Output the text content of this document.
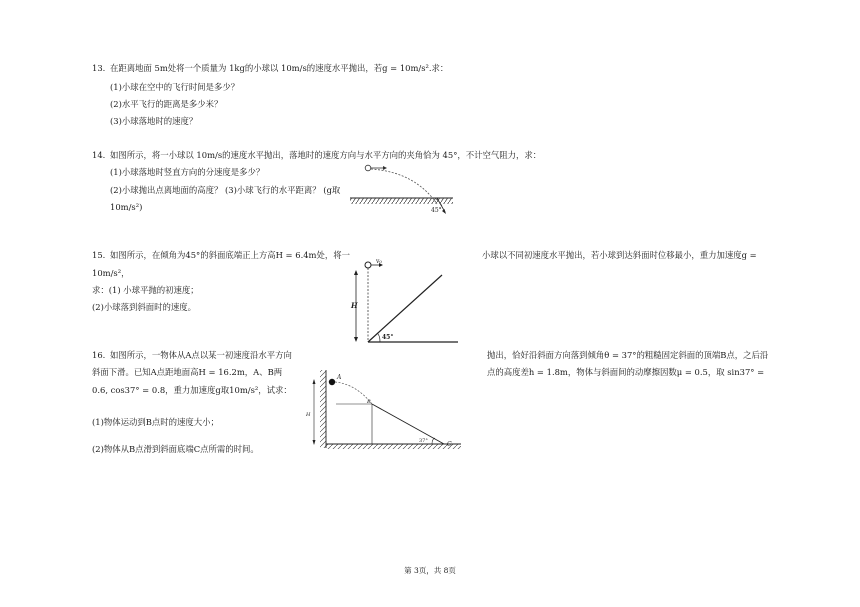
13. 在距离地面 5m处将一个质量为 1kg的小球以 10m/s的速度水平抛出，若g = 10m/s².求：
(1)小球在空中的飞行时间是多少？
(2)水平飞行的距离是多少米？
(3)小球落地时的速度？
14. 如图所示，将一小球以 10m/s的速度水平抛出，落地时的速度方向与水平方向的夹角恰为 45°，不计空气阻力，求：
(1)小球落地时竖直方向的分速度是多少？
(2)小球抛出点离地面的高度？ (3)小球飞行的水平距离？ (g取
10m/s²)	45°
15. 如图所示，在倾角为45°的斜面底端正上方高H = 6.4m处，将一	小球以不同初速度水平抛出，若小球到达斜面时位移最小，重力加速度g =
10m/s²，
求：(1) 小球平抛的初速度；
(2)小球落到斜面时的速度。
v₀
H
45°
16. 如图所示，一物体从A点以某一初速度沿水平方向	抛出，恰好沿斜面方向落到倾角θ = 37°的粗糙固定斜面的顶端B点，之后沿
斜面下滑。已知A点距地面高H = 16.2m，A、B两	点的高度差h = 1.8m，物体与斜面间的动摩擦因数μ = 0.5，取 sin37° =
0.6, cos37° = 0.8，重力加速度g取10m/s²，试求：
(1)物体运动到B点时的速度大小；
(2)物体从B点滑到斜面底端C点所需的时间。
A
B
H
37°	C
第 3页，共 8页
